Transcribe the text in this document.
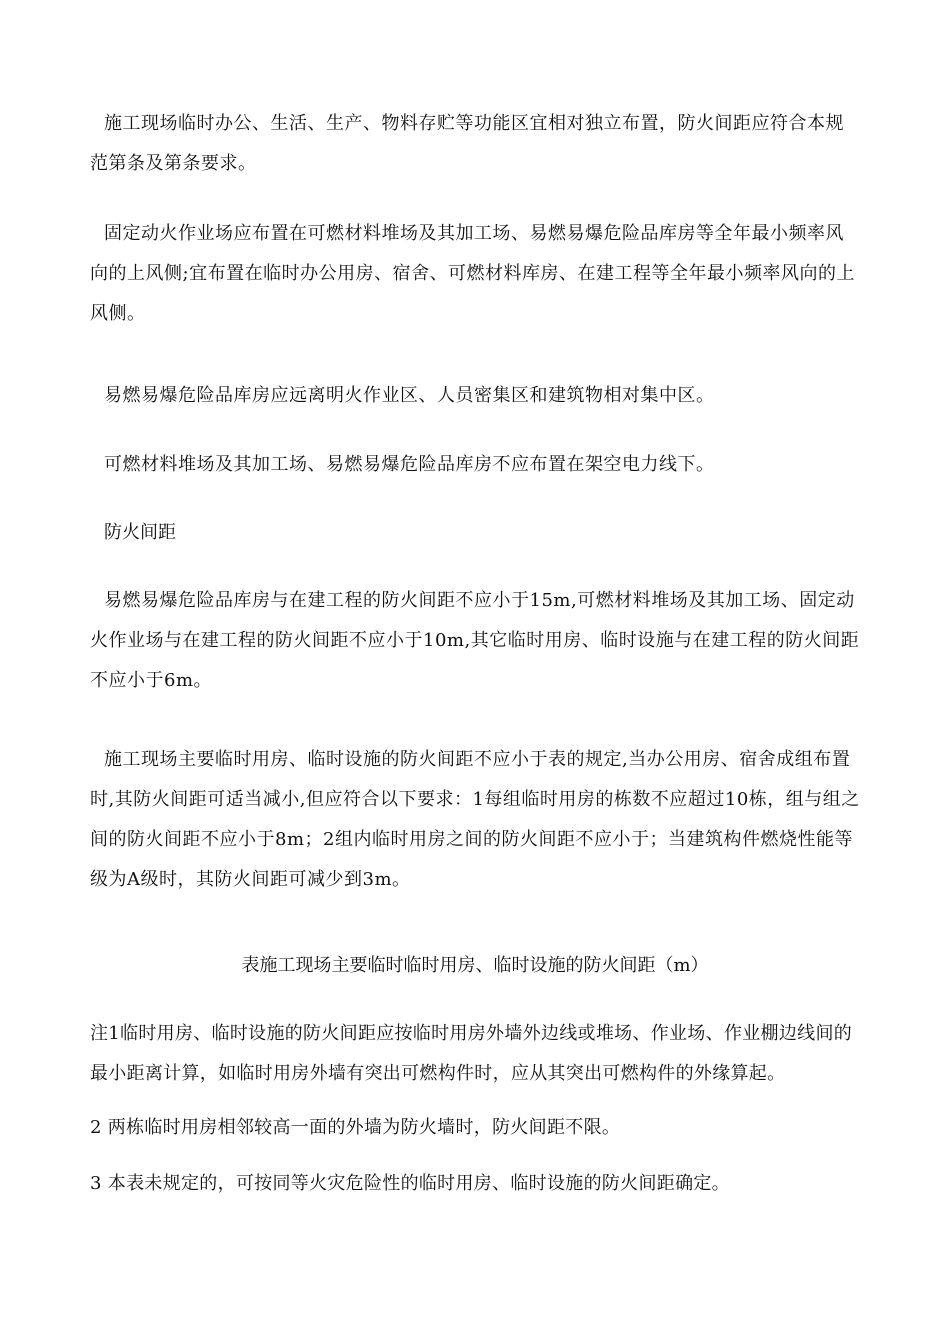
施工现场临时办公、生活、生产、物料存贮等功能区宜相对独立布置，防火间距应符合本规范第条及第条要求。

固定动火作业场应布置在可燃材料堆场及其加工场、易燃易爆危险品库房等全年最小频率风向的上风侧;宜布置在临时办公用房、宿舍、可燃材料库房、在建工程等全年最小频率风向的上风侧。

易燃易爆危险品库房应远离明火作业区、人员密集区和建筑物相对集中区。

可燃材料堆场及其加工场、易燃易爆危险品库房不应布置在架空电力线下。

防火间距

易燃易爆危险品库房与在建工程的防火间距不应小于15m,可燃材料堆场及其加工场、固定动火作业场与在建工程的防火间距不应小于10m,其它临时用房、临时设施与在建工程的防火间距不应小于6m。

施工现场主要临时用房、临时设施的防火间距不应小于表的规定,当办公用房、宿舍成组布置时,其防火间距可适当减小,但应符合以下要求：1每组临时用房的栋数不应超过10栋，组与组之间的防火间距不应小于8m；2组内临时用房之间的防火间距不应小于；当建筑构件燃烧性能等级为A级时，其防火间距可减少到3m。

表施工现场主要临时临时用房、临时设施的防火间距（m）

注1临时用房、临时设施的防火间距应按临时用房外墙外边线或堆场、作业场、作业棚边线间的最小距离计算，如临时用房外墙有突出可燃构件时，应从其突出可燃构件的外缘算起。

2 两栋临时用房相邻较高一面的外墙为防火墙时，防火间距不限。

3 本表未规定的，可按同等火灾危险性的临时用房、临时设施的防火间距确定。
